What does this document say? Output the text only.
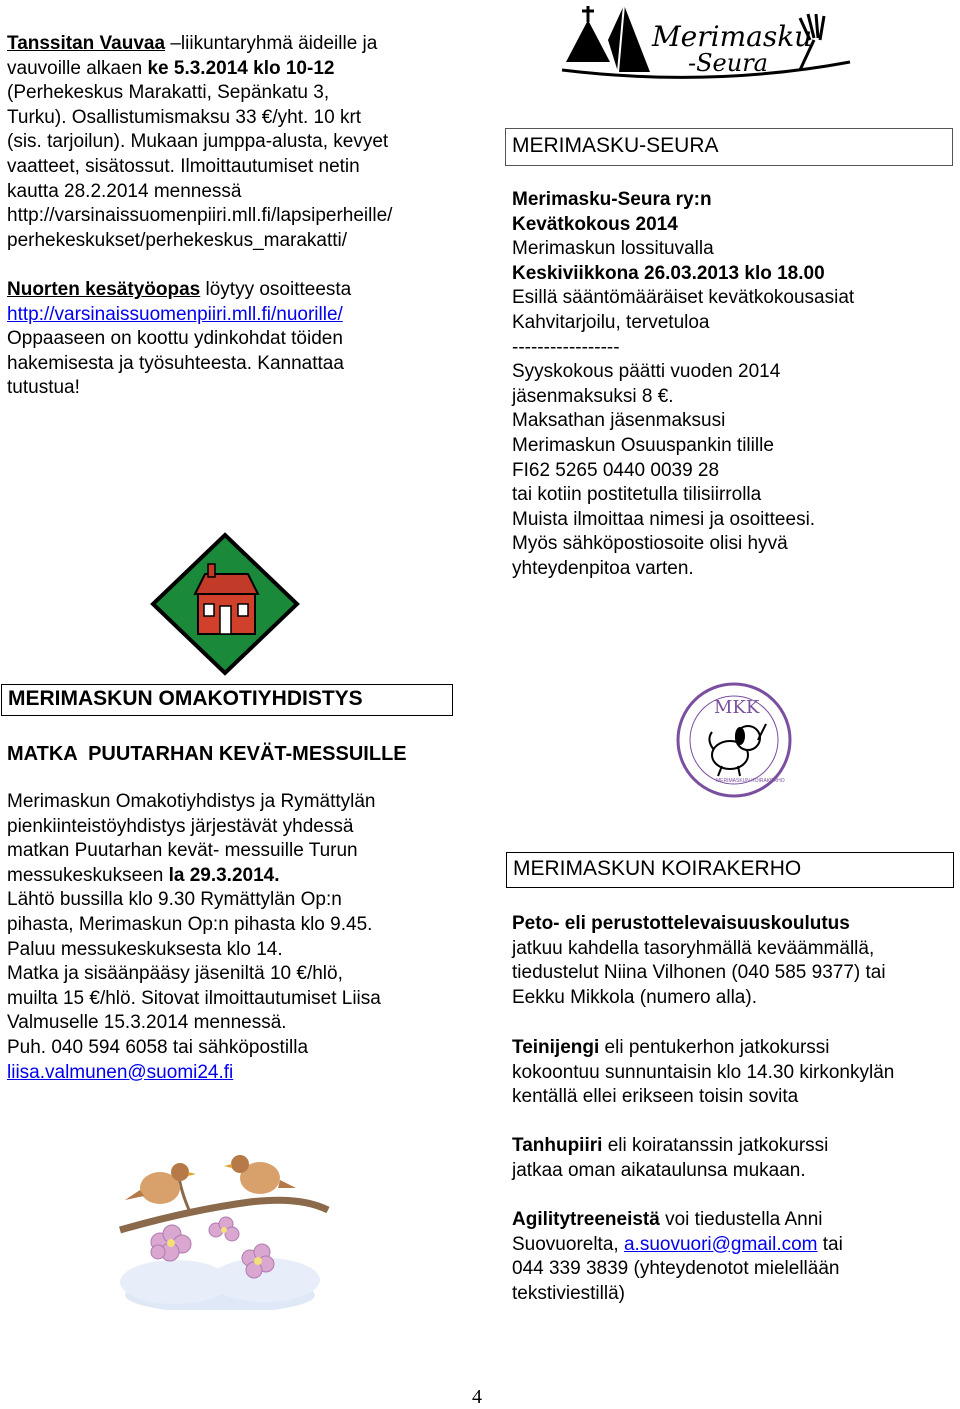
Tanssitan Vauvaa –liikuntaryhmä äideille ja
vauvoille alkaen ke 5.3.2014 klo 10-12
(Perhekeskus Marakatti, Sepänkatu 3,
Turku). Osallistumismaksu 33 €/yht. 10 krt
(sis. tarjoilun). Mukaan jumppa-alusta, kevyet
vaatteet, sisätossut. Ilmoittautumiset netin
kautta 28.2.2014 mennessä
http://varsinaissuomenpiiri.mll.fi/lapsiperheille/
perhekeskukset/perhekeskus_marakatti/
Nuorten kesätyöopas löytyy osoitteesta
http://varsinaissuomenpiiri.mll.fi/nuorille/
Oppaaseen on koottu ydinkohdat töiden
hakemisesta ja työsuhteesta. Kannattaa
tutustua!
Merimasku
-Seura
MERIMASKU-SEURA
Merimasku-Seura ry:n
Kevätkokous 2014
Merimaskun lossituvalla
Keskiviikkona 26.03.2013 klo 18.00
Esillä sääntömääräiset kevätkokousasiat
Kahvitarjoilu, tervetuloa
-----------------
Syyskokous päätti vuoden 2014
jäsenmaksuksi 8 €.
Maksathan jäsenmaksusi
Merimaskun Osuuspankin tilille
FI62 5265 0440 0039 28
tai kotiin postitetulla tilisiirrolla
Muista ilmoittaa nimesi ja osoitteesi.
Myös sähköpostiosoite olisi hyvä
yhteydenpitoa varten.
MERIMASKUN OMAKOTIYHDISTYS
MATKA  PUUTARHAN KEVÄT-MESSUILLE
Merimaskun Omakotiyhdistys ja Rymättylän
pienkiinteistöyhdistys järjestävät yhdessä
matkan Puutarhan kevät- messuille Turun
messukeskukseen la 29.3.2014.
Lähtö bussilla klo 9.30 Rymättylän Op:n
pihasta, Merimaskun Op:n pihasta klo 9.45.
Paluu messukeskuksesta klo 14.
Matka ja sisäänpääsy jäseniltä 10 €/hlö,
muilta 15 €/hlö. Sitovat ilmoittautumiset Liisa
Valmuselle 15.3.2014 mennessä.
Puh. 040 594 6058 tai sähköpostilla
liisa.valmunen@suomi24.fi
MKK
MERIMASKUN KOIRAKERHO
MERIMASKUN KOIRAKERHO
Peto- eli perustottelevaisuuskoulutus
jatkuu kahdella tasoryhmällä keväämmällä,
tiedustelut Niina Vilhonen (040 585 9377) tai
Eekku Mikkola (numero alla).
Teinijengi eli pentukerhon jatkokurssi
kokoontuu sunnuntaisin klo 14.30 kirkonkylän
kentällä ellei erikseen toisin sovita
Tanhupiiri eli koiratanssin jatkokurssi
jatkaa oman aikataulunsa mukaan.
Agilitytreeneistä voi tiedustella Anni
Suovuorelta, a.suovuori@gmail.com tai
044 339 3839 (yhteydenotot mielellään
tekstiviestillä)
4
